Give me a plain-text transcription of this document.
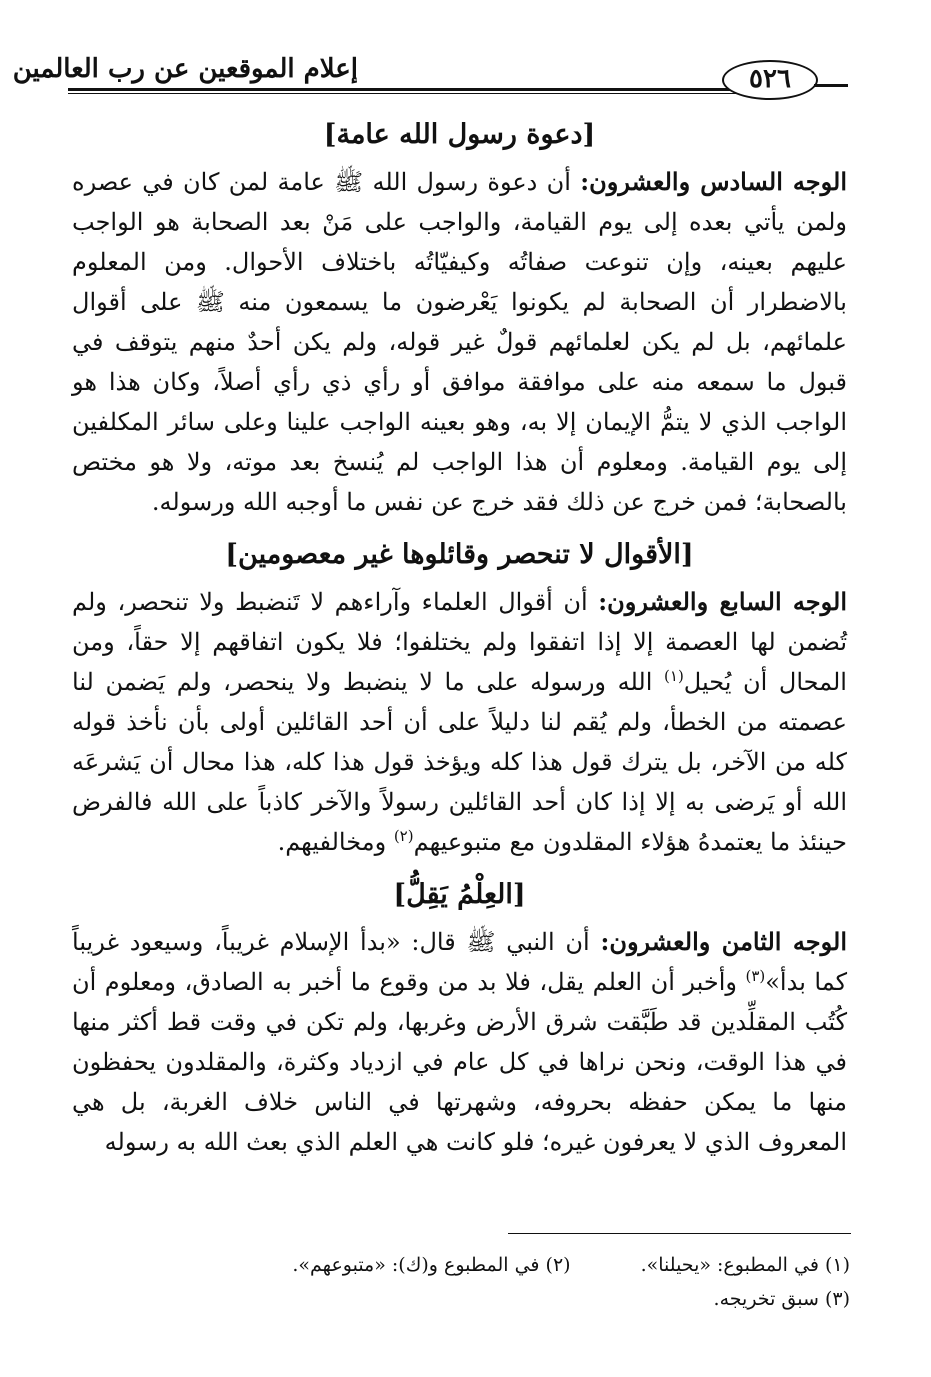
إعلام الموقعين عن رب العالمين	٥٢٦
[دعوة رسول الله عامة]

الوجه السادس والعشرون: أن دعوة رسول الله ﷺ عامة لمن كان في عصره ولمن يأتي بعده إلى يوم القيامة، والواجب على مَنْ بعد الصحابة هو الواجب عليهم بعينه، وإن تنوعت صفاتُه وكيفيّاتُه باختلاف الأحوال. ومن المعلوم بالاضطرار أن الصحابة لم يكونوا يَعْرضون ما يسمعون منه ﷺ على أقوال علمائهم، بل لم يكن لعلمائهم قولٌ غير قوله، ولم يكن أحدٌ منهم يتوقف في قبول ما سمعه منه على موافقة موافق أو رأي ذي رأي أصلاً، وكان هذا هو الواجب الذي لا يتمُّ الإيمان إلا به، وهو بعينه الواجب علينا وعلى سائر المكلفين إلى يوم القيامة. ومعلوم أن هذا الواجب لم يُنسخ بعد موته، ولا هو مختص بالصحابة؛ فمن خرج عن ذلك فقد خرج عن نفس ما أوجبه الله ورسوله.

[الأقوال لا تنحصر وقائلوها غير معصومين]

الوجه السابع والعشرون: أن أقوال العلماء وآراءهم لا تَنضبط ولا تنحصر، ولم تُضمن لها العصمة إلا إذا اتفقوا ولم يختلفوا؛ فلا يكون اتفاقهم إلا حقاً، ومن المحال أن يُحيل$^{(١)}$ الله ورسوله على ما لا ينضبط ولا ينحصر، ولم يَضمن لنا عصمته من الخطأ، ولم يُقم لنا دليلاً على أن أحد القائلين أولى بأن نأخذ قوله كله من الآخر، بل يترك قول هذا كله ويؤخذ قول هذا كله، هذا محال أن يَشرعَه الله أو يَرضى به إلا إذا كان أحد القائلين رسولاً والآخر كاذباً على الله فالفرض حينئذ ما يعتمدهُ هؤلاء المقلدون مع متبوعيهم$^{(٢)}$ ومخالفيهم.

[العِلْمُ يَقِلُّ]

الوجه الثامن والعشرون: أن النبي ﷺ قال: «بدأ الإسلام غريباً، وسيعود غريباً كما بدأ»$^{(٣)}$ وأخبر أن العلم يقل، فلا بد من وقوع ما أخبر به الصادق، ومعلوم أن كُتُب المقلِّدين قد طَبَّقت شرق الأرض وغربها، ولم تكن في وقت قط أكثر منها في هذا الوقت، ونحن نراها في كل عام في ازدياد وكثرة، والمقلدون يحفظون منها ما يمكن حفظه بحروفه، وشهرتها في الناس خلاف الغربة، بل هي المعروف الذي لا يعرفون غيره؛ فلو كانت هي العلم الذي بعث الله به رسوله

(١) في المطبوع: «يحيلنا».
(٢) في المطبوع و(ك): «متبوعهم».
(٣) سبق تخريجه.
